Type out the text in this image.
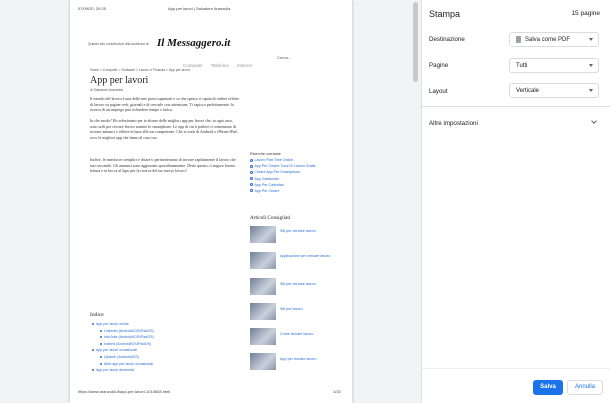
07/09/20, 20:25	App per lavori | Salvatore Aranzulla
Questo sito contribuisce alla audience di Il Messaggero.it
Computer Telefonia Internet
Cerca...
Home > Computer > Software > Lavoro e Finanza > App per lavori
App per lavori
di Salvatore Aranzulla
Il mondo del lavoro è una delle mie preoccupazioni e so che spesso ti capita di vedere offerte di lavoro su pagine web, giornali e di cercarle con attenzione. Ti capisco perfettamente: la ricerca di un impiego può richiedere tempo e fatica.
In che modo? Ho selezionato per te alcune delle migliori app per lavori che, in ogni caso, sono utili per cercare lavoro tramite lo smartphone. Le app di cui ti parlerò ti consentono di trovare annunci e offerte in base alle tue competenze. Che si tratti di Android o iPhone/iPad, ecco le migliori app che fanno al caso tuo.
Inoltre, le interfacce semplici e chiare ti permetteranno di trovare rapidamente il lavoro che stai cercando. Gli annunci sono aggiornati quotidianamente. Detto questo, ti auguro buona lettura e in bocca al lupo per la ricerca del tuo nuovo lavoro!
Ricerche correlate
Lavoro Part Time Online
App Per Creare Turni Di Lavoro Gratis
Creare App Per Smartphone
App Gestionale
App Per Calendari
App Per Creare
Articoli Consigliati
Siti per cercare lavoro
Applicazioni per cercare lavoro
Siti per cercare lavoro
Siti per lavoro
Come trovare lavoro
App per trovare lavoro
Indice
App per lavori online
LinkedIn (Android/iOS/iPadOS)
InfoJobs (Android/iOS/iPadOS)
Indeed (Android/iOS/iPadOS)
App per lavori occasionali
Upwork (Android/iOS)
Altre app per lavori occasionali
App per lavori domestici
https://www.aranzulla.it/app-per-lavori-1010608.html	1/15
Stampa	15 pagine
Destinazione	Salva come PDF
Pagine	Tutti
Layout	Verticale
Altre impostazioni
Salva	Annulla
